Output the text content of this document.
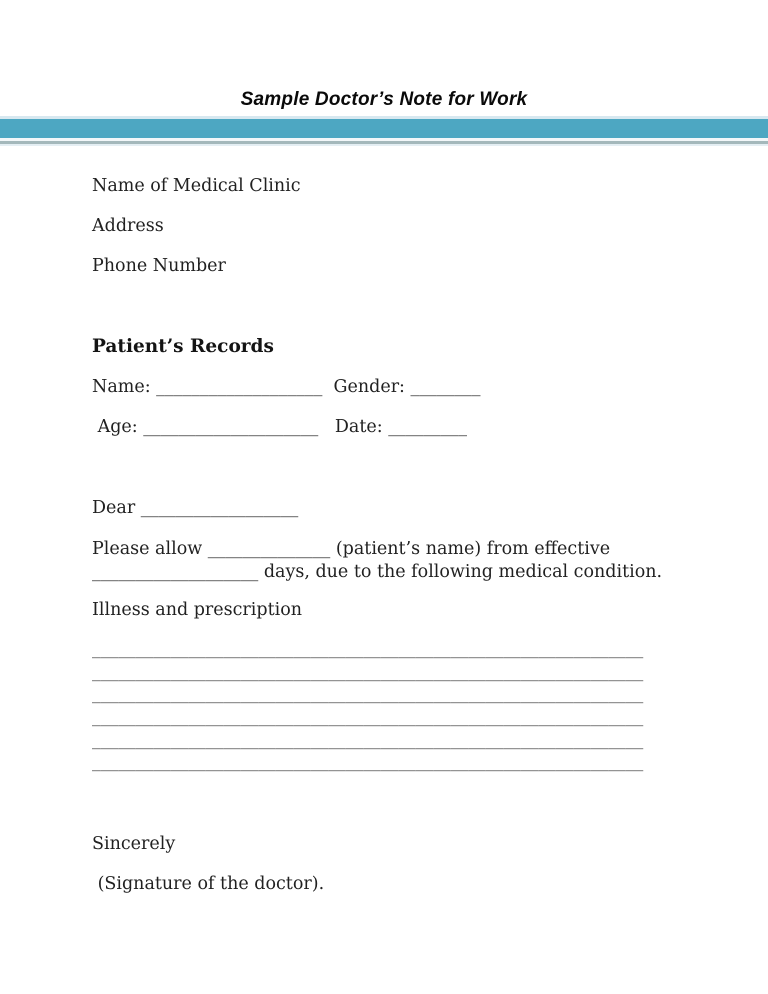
Sample Doctor’s Note for Work

Name of Medical Clinic

Address

Phone Number

Patient’s Records

Name: ___________________  Gender: ________

Age: ____________________   Date: _________

Dear __________________

Please allow ______________ (patient’s name) from effective
___________________ days, due to the following medical condition.

Illness and prescription

_______________________________________________________________
_______________________________________________________________
_______________________________________________________________
_______________________________________________________________
_______________________________________________________________
_______________________________________________________________

Sincerely

(Signature of the doctor).
